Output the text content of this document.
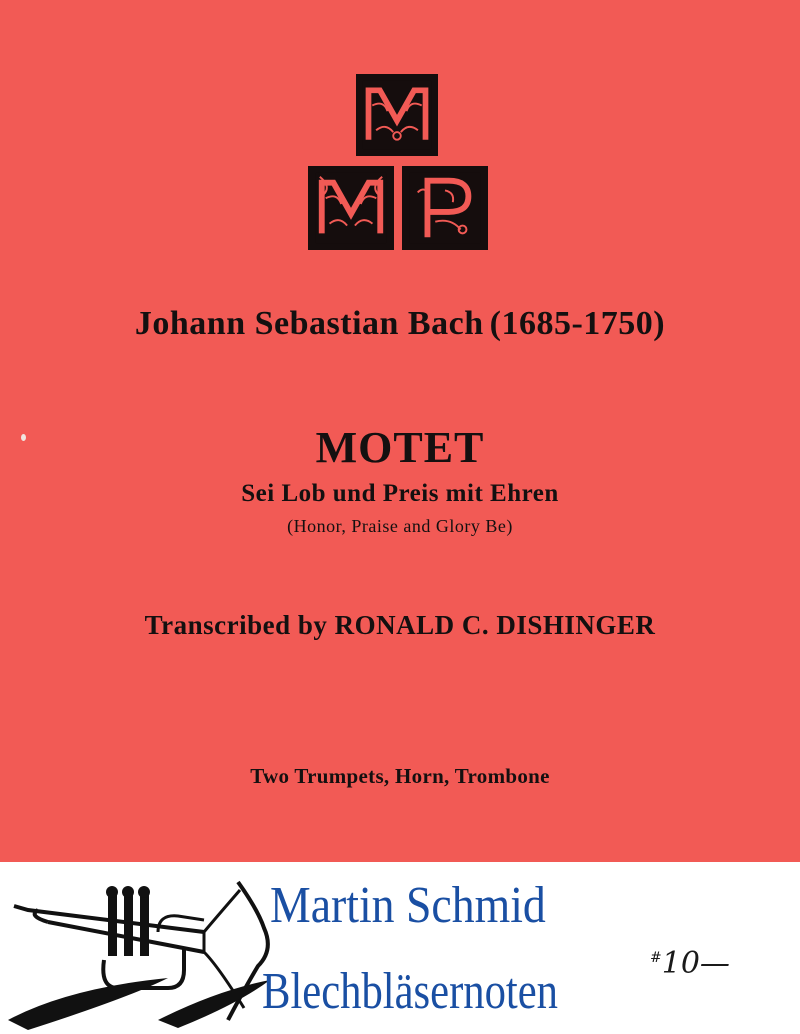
Johann Sebastian Bach (1685-1750)
MOTET
Sei Lob und Preis mit Ehren
(Honor, Praise and Glory Be)
Transcribed by RONALD C. DISHINGER
Two Trumpets, Horn, Trombone
Martin Schmid
Blechbläsernoten
#10—
